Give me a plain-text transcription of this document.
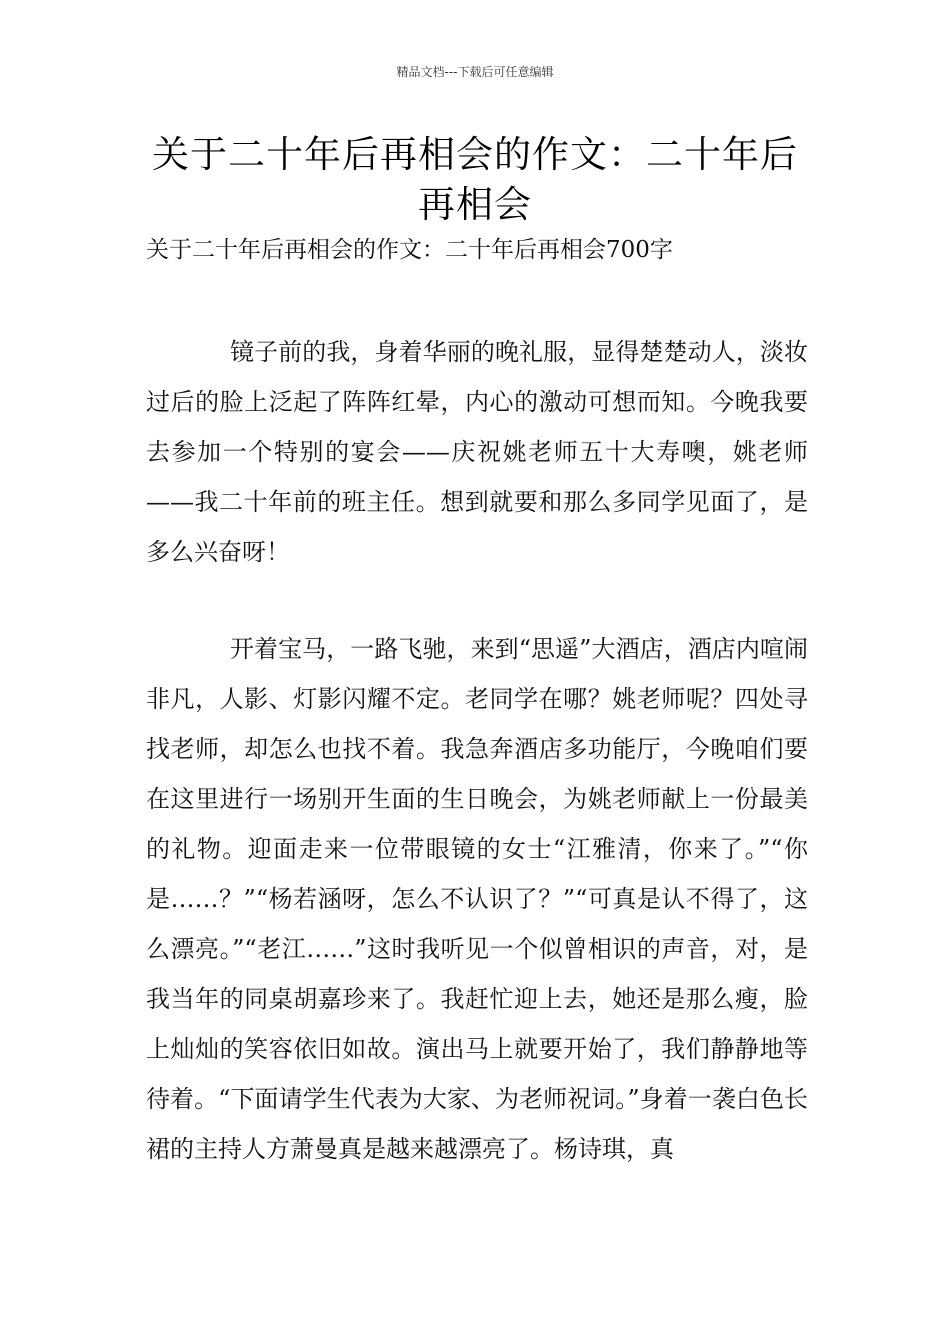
精品文档---下载后可任意编辑
关于二十年后再相会的作文：二十年后再相会
关于二十年后再相会的作文：二十年后再相会700字

镜子前的我，身着华丽的晚礼服，显得楚楚动人，淡妆过后的脸上泛起了阵阵红晕，内心的激动可想而知。今晚我要去参加一个特别的宴会——庆祝姚老师五十大寿噢，姚老师——我二十年前的班主任。想到就要和那么多同学见面了，是多么兴奋呀！

开着宝马，一路飞驰，来到“思遥”大酒店，酒店内喧闹非凡，人影、灯影闪耀不定。老同学在哪？姚老师呢？四处寻找老师，却怎么也找不着。我急奔酒店多功能厅，今晚咱们要在这里进行一场别开生面的生日晚会，为姚老师献上一份最美的礼物。迎面走来一位带眼镜的女士“江雅清，你来了。”“你是……？”“杨若涵呀，怎么不认识了？”“可真是认不得了，这么漂亮。”“老江……”这时我听见一个似曾相识的声音，对，是我当年的同桌胡嘉珍来了。我赶忙迎上去，她还是那么瘦，脸上灿灿的笑容依旧如故。演出马上就要开始了，我们静静地等待着。“下面请学生代表为大家、为老师祝词。”身着一袭白色长裙的主持人方萧曼真是越来越漂亮了。杨诗琪，真
